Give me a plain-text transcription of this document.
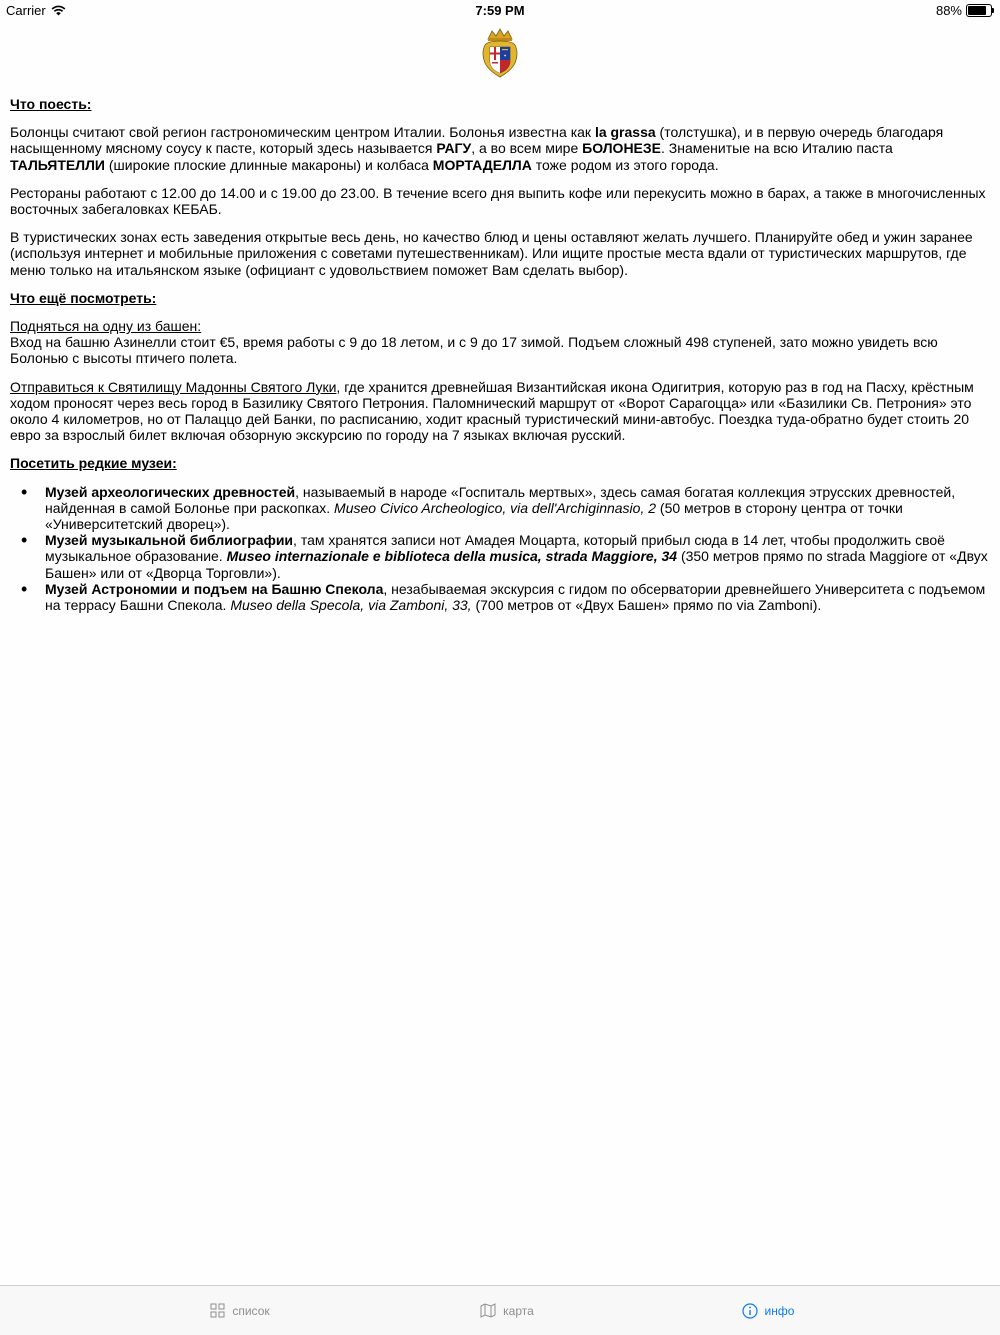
Carrier	7:59 PM	88%
✦

Что поесть:

Болонцы считают свой регион гастрономическим центром Италии. Болонья известна как la grassa (толстушка), и в первую очередь благодаря насыщенному мясному соусу к пасте, который здесь называется РАГУ, а во всем мире БОЛОНЕЗЕ. Знаменитые на всю Италию паста ТАЛЬЯТЕЛЛИ (широкие плоские длинные макароны) и колбаса МОРТАДЕЛЛА тоже родом из этого города.

Рестораны работают с 12.00 до 14.00 и с 19.00 до 23.00. В течение всего дня выпить кофе или перекусить можно в барах, а также в многочисленных восточных забегаловках КЕБАБ.

В туристических зонах есть заведения открытые весь день, но качество блюд и цены оставляют желать лучшего. Планируйте обед и ужин заранее (используя интернет и мобильные приложения с советами путешественникам). Или ищите простые места вдали от туристических маршрутов, где меню только на итальянском языке (официант с удовольствием поможет Вам сделать выбор).

Что ещё посмотреть:

Подняться на одну из башен:
Вход на башню Азинелли стоит €5, время работы с 9 до 18 летом, и с 9 до 17 зимой. Подъем сложный 498 ступеней, зато можно увидеть всю Болонью с высоты птичего полета.

Отправиться к Святилищу Мадонны Святого Луки, где хранится древнейшая Византийская икона Одигитрия, которую раз в год на Пасху, крёстным ходом проносят через весь город в Базилику Святого Петрония. Паломнический маршрут от «Ворот Сарагоцца» или «Базилики Св. Петрония» это около 4 километров, но от Палаццо дей Банки, по расписанию, ходит красный туристический мини-автобус. Поездка туда-обратно будет стоить 20 евро за взрослый билет включая обзорную экскурсию по городу на 7 языках включая русский.

Посетить редкие музеи:

• Музей археологических древностей, называемый в народе «Госпиталь мертвых», здесь самая богатая коллекция этрусских древностей, найденная в самой Болонье при раскопках. Museo Civico Archeologico, via dell'Archiginnasio, 2 (50 метров в сторону центра от точки «Университетский дворец»).
• Музей музыкальной библиографии, там хранятся записи нот Амадея Моцарта, который прибыл сюда в 14 лет, чтобы продолжить своё музыкальное образование. Museo internazionale e biblioteca della musica, strada Maggiore, 34 (350 метров прямо по strada Maggiore от «Двух Башен» или от «Дворца Торговли»).
• Музей Астрономии и подъем на Башню Спекола, незабываемая экскурсия с гидом по обсерватории древнейшего Университета с подъемом на террасу Башни Спекола. Museo della Specola, via Zamboni, 33, (700 метров от «Двух Башен» прямо по via Zamboni).
список	карта	инфо
